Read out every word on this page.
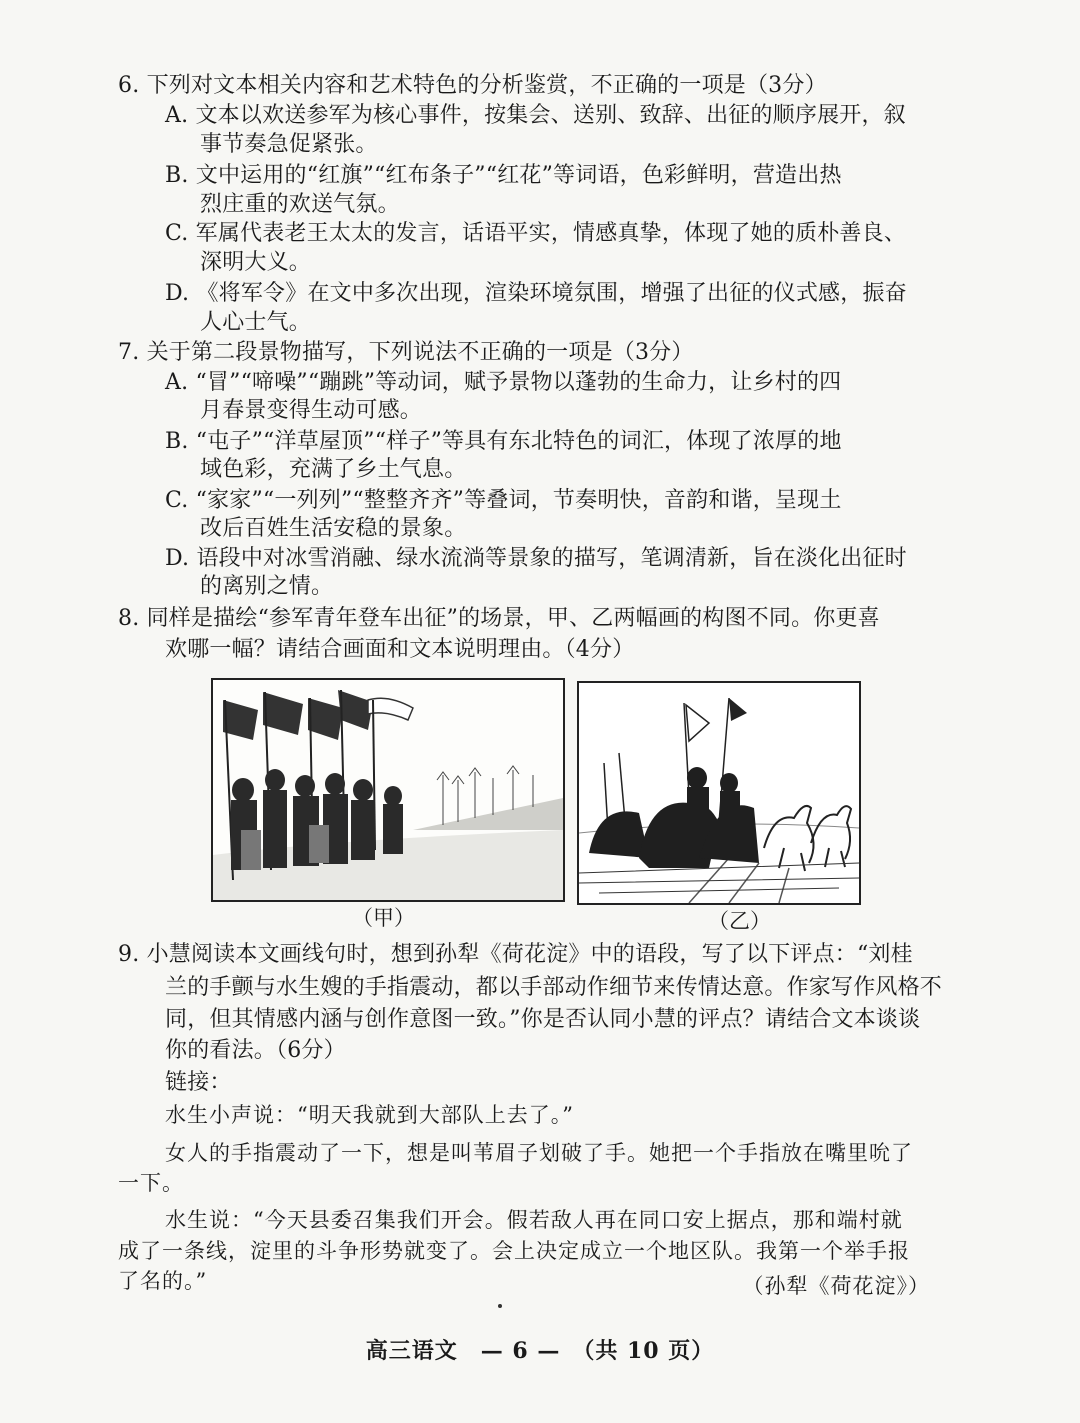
6. 下列对文本相关内容和艺术特色的分析鉴赏，不正确的一项是（3分）
A. 文本以欢送参军为核心事件，按集会、送别、致辞、出征的顺序展开，叙
事节奏急促紧张。
B. 文中运用的“红旗”“红布条子”“红花”等词语，色彩鲜明，营造出热
烈庄重的欢送气氛。
C. 军属代表老王太太的发言，话语平实，情感真挚，体现了她的质朴善良、
深明大义。
D. 《将军令》在文中多次出现，渲染环境氛围，增强了出征的仪式感，振奋
人心士气。
7. 关于第二段景物描写，下列说法不正确的一项是（3分）
A. “冒”“啼噪”“蹦跳”等动词，赋予景物以蓬勃的生命力，让乡村的四
月春景变得生动可感。
B. “屯子”“洋草屋顶”“样子”等具有东北特色的词汇，体现了浓厚的地
域色彩，充满了乡土气息。
C. “家家”“一列列”“整整齐齐”等叠词，节奏明快，音韵和谐，呈现土
改后百姓生活安稳的景象。
D. 语段中对冰雪消融、绿水流淌等景象的描写，笔调清新，旨在淡化出征时
的离别之情。
8. 同样是描绘“参军青年登车出征”的场景，甲、乙两幅画的构图不同。你更喜
欢哪一幅？请结合画面和文本说明理由。（4分）
（甲）	（乙）
9. 小慧阅读本文画线句时，想到孙犁《荷花淀》中的语段，写了以下评点：“刘桂
兰的手颤与水生嫂的手指震动，都以手部动作细节来传情达意。作家写作风格不
同，但其情感内涵与创作意图一致。”你是否认同小慧的评点？请结合文本谈谈
你的看法。（6分）
链接：
水生小声说：“明天我就到大部队上去了。”
女人的手指震动了一下，想是叫苇眉子划破了手。她把一个手指放在嘴里吮了
一下。
水生说：“今天县委召集我们开会。假若敌人再在同口安上据点，那和端村就
成了一条线，淀里的斗争形势就变了。会上决定成立一个地区队。我第一个举手报
了名的。”	（孙犁《荷花淀》）
高三语文　— 6 —　（共 10 页）
